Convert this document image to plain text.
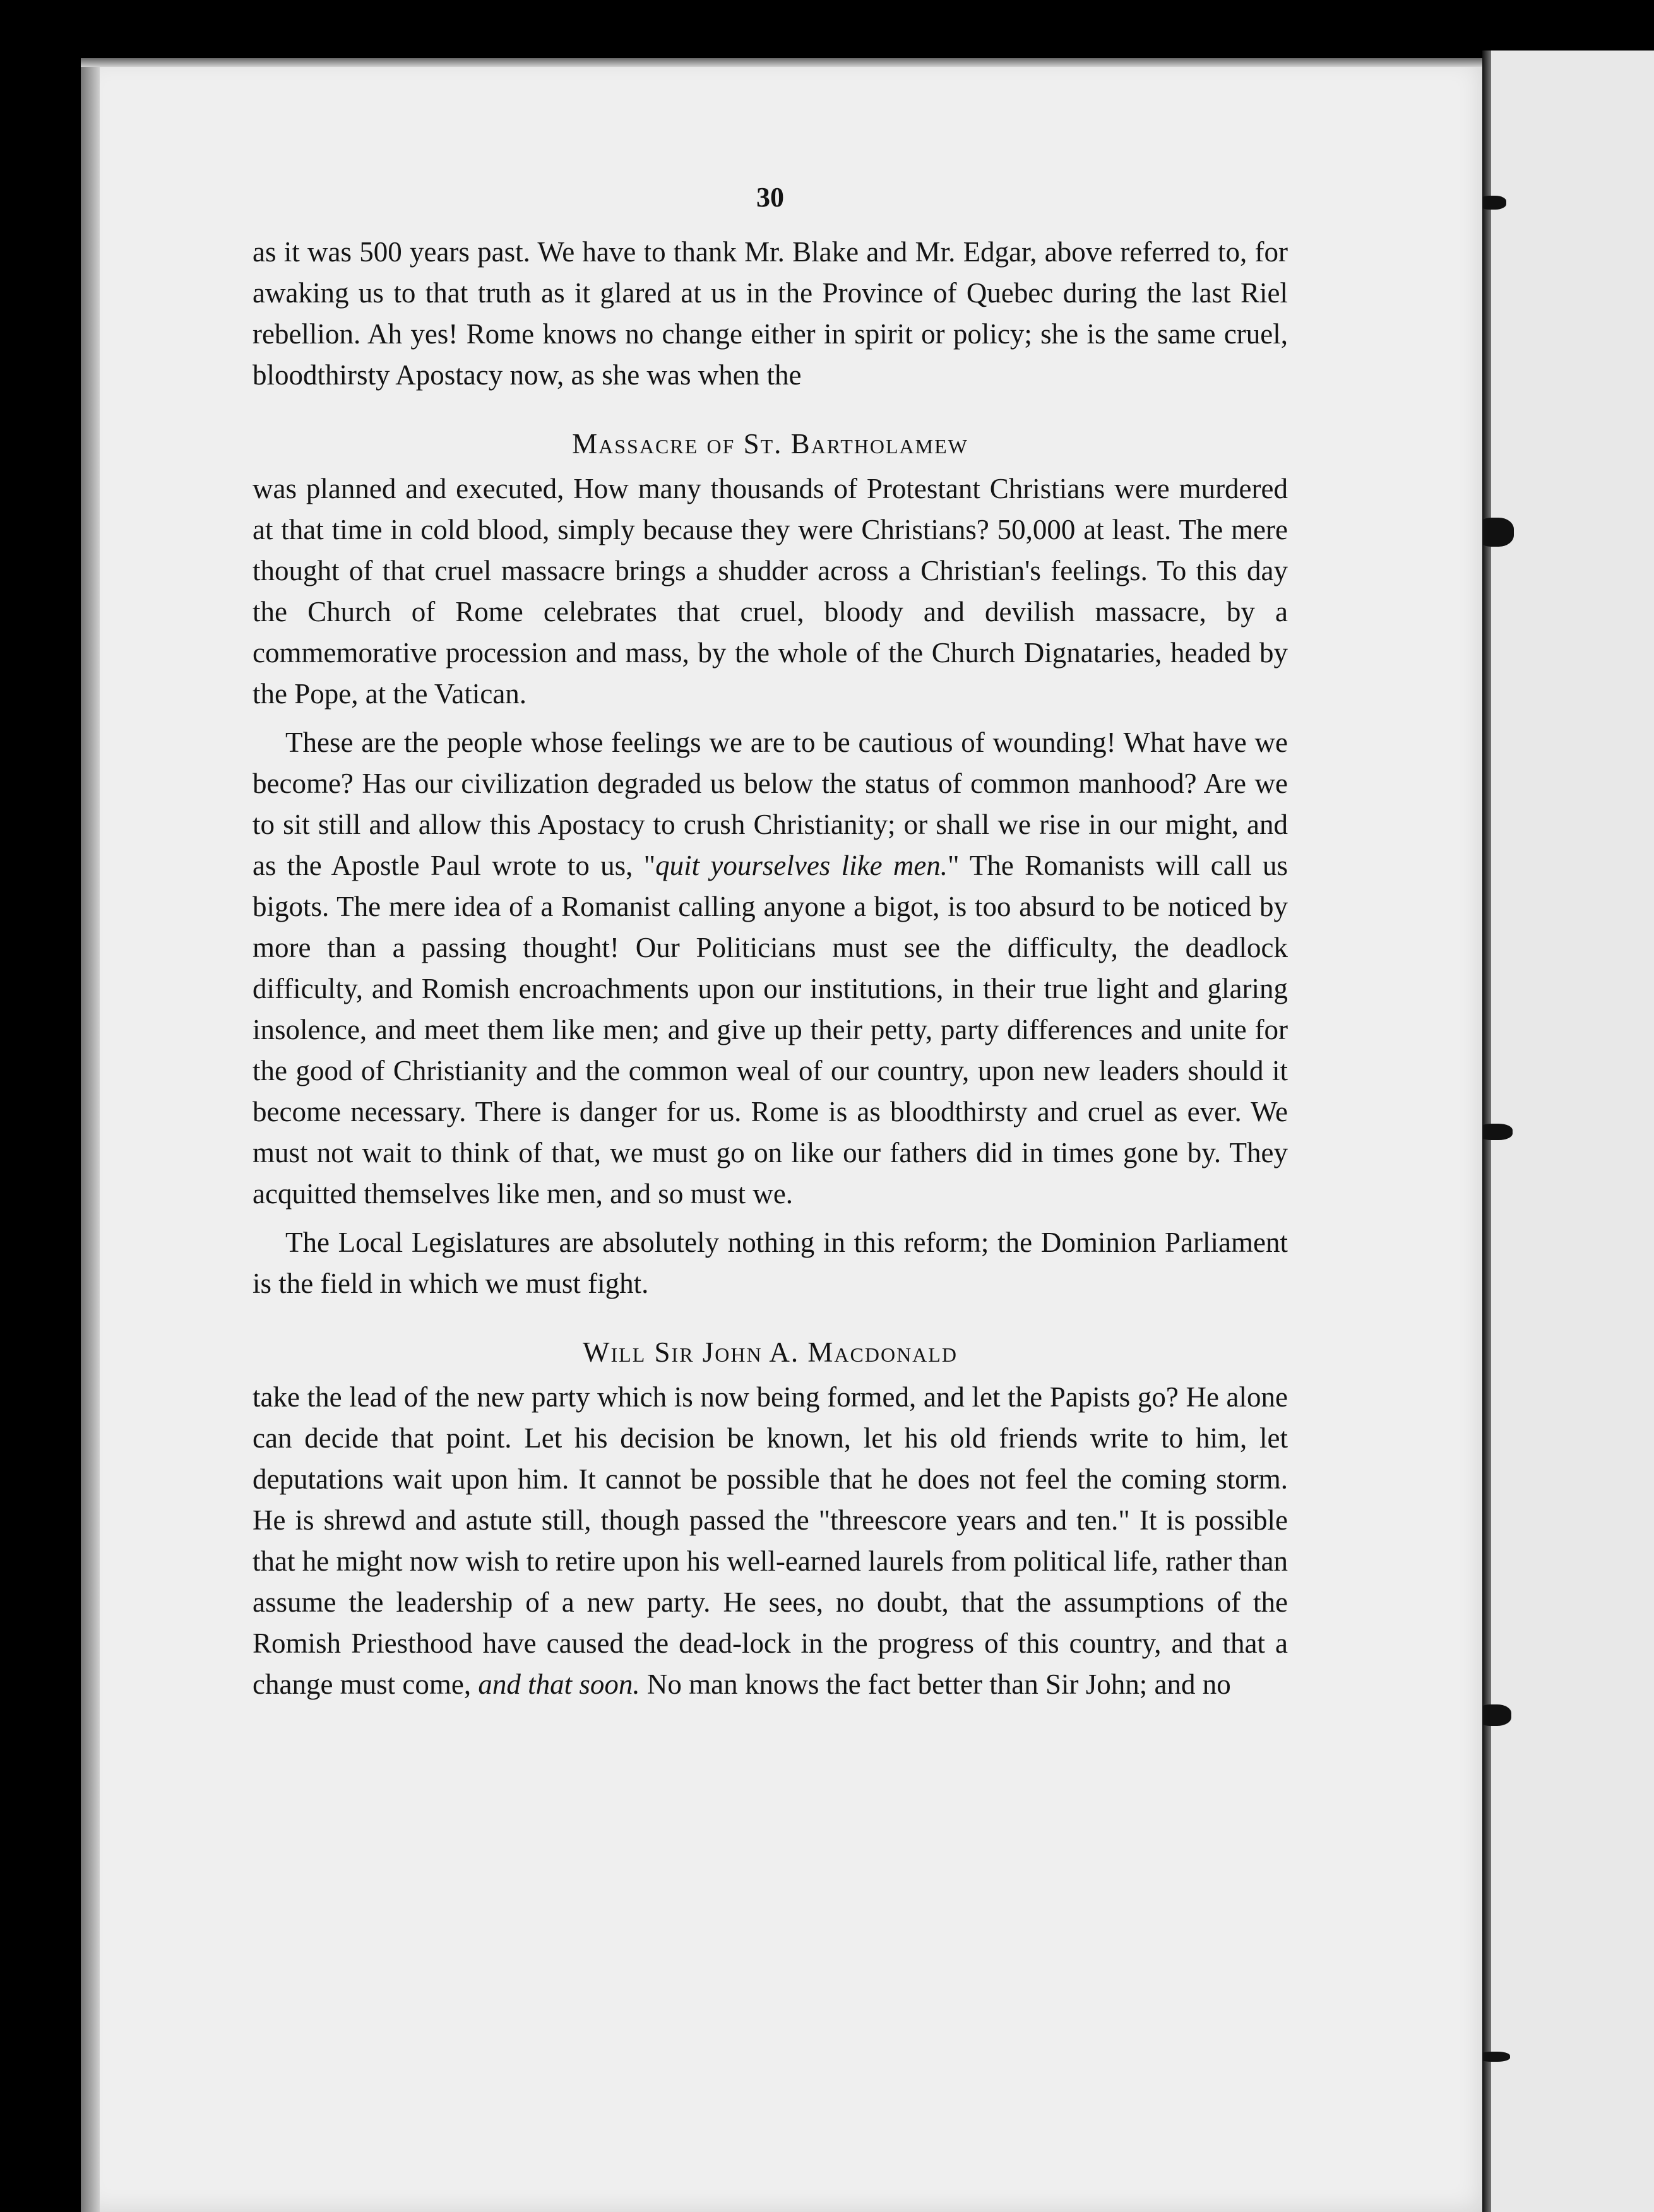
30

as it was 500 years past. We have to thank Mr. Blake and Mr. Edgar, above referred to, for awaking us to that truth as it glared at us in the Province of Quebec during the last Riel rebellion. Ah yes! Rome knows no change either in spirit or policy; she is the same cruel, bloodthirsty Apostacy now, as she was when the

Massacre of St. Bartholamew

was planned and executed, How many thousands of Protestant Christians were murdered at that time in cold blood, simply because they were Christians? 50,000 at least. The mere thought of that cruel massacre brings a shudder across a Christian's feelings. To this day the Church of Rome celebrates that cruel, bloody and devilish massacre, by a commemorative procession and mass, by the whole of the Church Dignataries, headed by the Pope, at the Vatican.

These are the people whose feelings we are to be cautious of wounding! What have we become? Has our civilization degraded us below the status of common manhood? Are we to sit still and allow this Apostacy to crush Christianity; or shall we rise in our might, and as the Apostle Paul wrote to us, "quit yourselves like men." The Romanists will call us bigots. The mere idea of a Romanist calling anyone a bigot, is too absurd to be noticed by more than a passing thought! Our Politicians must see the difficulty, the deadlock difficulty, and Romish encroachments upon our institutions, in their true light and glaring insolence, and meet them like men; and give up their petty, party differences and unite for the good of Christianity and the common weal of our country, upon new leaders should it become necessary. There is danger for us. Rome is as bloodthirsty and cruel as ever. We must not wait to think of that, we must go on like our fathers did in times gone by. They acquitted themselves like men, and so must we.

The Local Legislatures are absolutely nothing in this reform; the Dominion Parliament is the field in which we must fight.

Will Sir John A. Macdonald

take the lead of the new party which is now being formed, and let the Papists go? He alone can decide that point. Let his decision be known, let his old friends write to him, let deputations wait upon him. It cannot be possible that he does not feel the coming storm. He is shrewd and astute still, though passed the "threescore years and ten." It is possible that he might now wish to retire upon his well-earned laurels from political life, rather than assume the leadership of a new party. He sees, no doubt, that the assumptions of the Romish Priesthood have caused the dead-lock in the progress of this country, and that a change must come, and that soon. No man knows the fact better than Sir John; and no
